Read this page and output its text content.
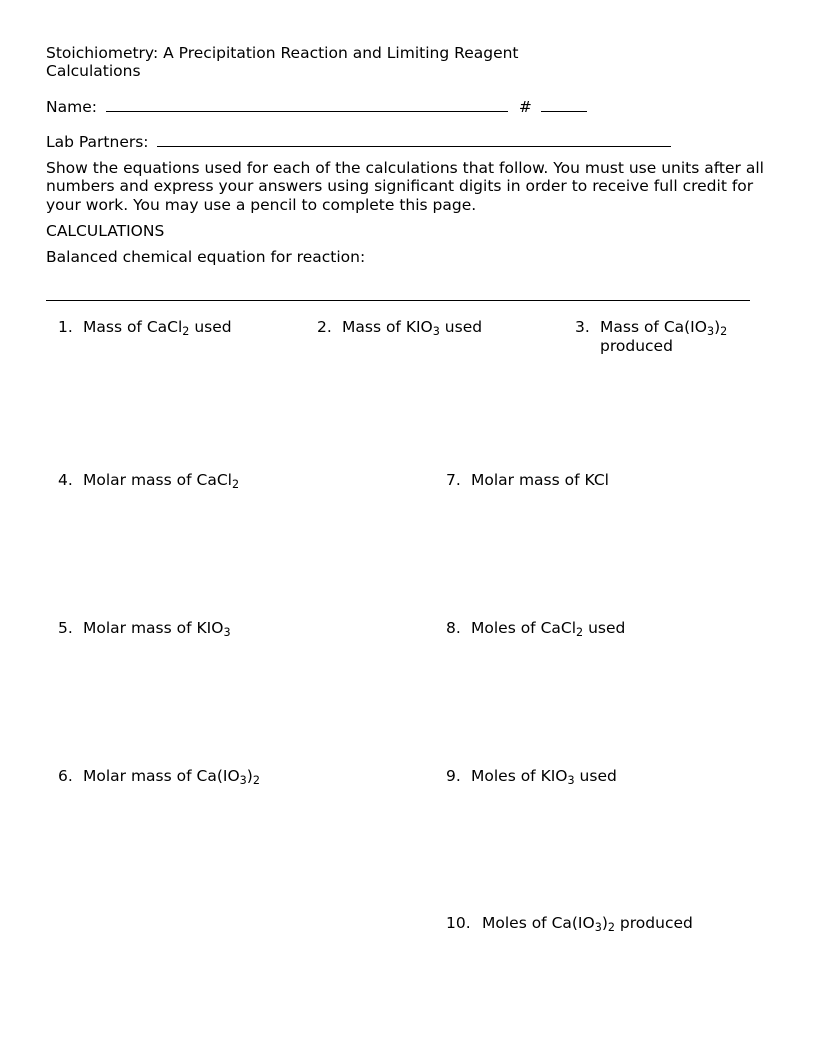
Stoichiometry: A Precipitation Reaction and Limiting Reagent
Calculations
Name:	#
Lab Partners:
Show the equations used for each of the calculations that follow. You must use units after all numbers and express your answers using significant digits in order to receive full credit for your work. You may use a pencil to complete this page.
CALCULATIONS
Balanced chemical equation for reaction:
1. Mass of CaCl$_2$ used	2. Mass of $KIO_3$ used	3. Mass of $Ca(IO_3)_2$
produced
4. Molar mass of CaCl$_2$	7. Molar mass of KCl
5. Molar mass of $KIO_3$	8. Moles of CaCl$_2$ used
6. Molar mass of $Ca(IO_3)_2$	9. Moles of $KIO_3$ used
10. Moles of $Ca(IO_3)_2$ produced
